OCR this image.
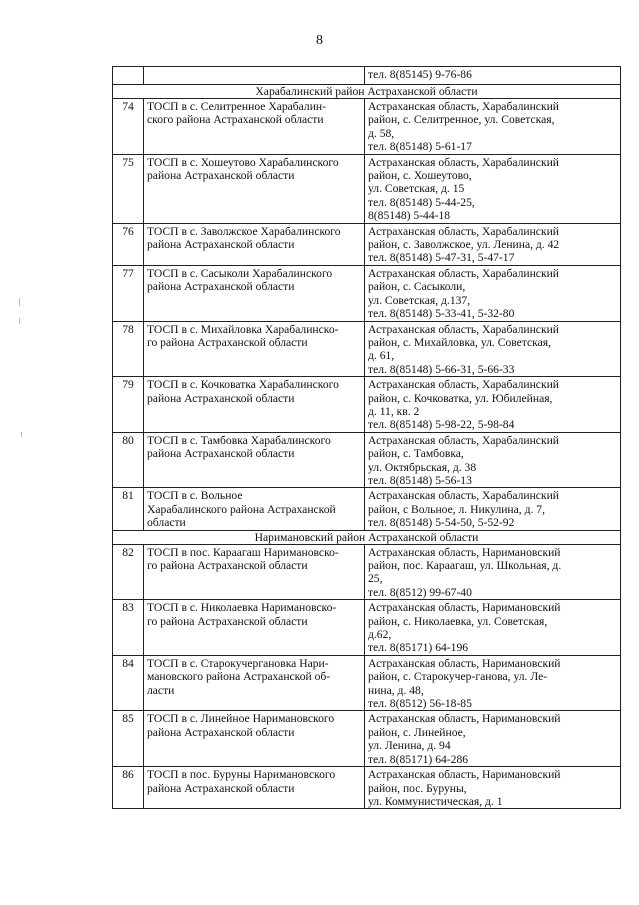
8

		тел. 8(85145) 9-76-86

Харабалинский район Астраханской области		
74	ТОСП в с. Селитренное Харабалин-
ского района Астраханской области	Астраханская область, Харабалинский
район, с. Селитренное, ул. Советская,
д. 58,
тел. 8(85148) 5-61-17

75	ТОСП в с. Хошеутово Харабалинского
района Астраханской области	Астраханская область, Харабалинский
район, с. Хошеутово,
ул. Советская, д. 15
тел. 8(85148) 5-44-25,
8(85148) 5-44-18

76	ТОСП в с. Заволжское Харабалинского
района Астраханской области	Астраханская область, Харабалинский
район, с. Заволжское, ул. Ленина, д. 42
тел. 8(85148) 5-47-31, 5-47-17

77	ТОСП в с. Сасыколи Харабалинского
района Астраханской области	Астраханская область, Харабалинский
район, с. Сасыколи,
ул. Советская, д.137,
тел. 8(85148) 5-33-41, 5-32-80

78	ТОСП в с. Михайловка Харабалинско-
го района Астраханской области	Астраханская область, Харабалинский
район, с. Михайловка, ул. Советская,
д. 61,
тел. 8(85148) 5-66-31, 5-66-33

79	ТОСП в с. Кочковатка Харабалинского
района Астраханской области	Астраханская область, Харабалинский
район, с. Кочковатка, ул. Юбилейная,
д. 11, кв. 2
тел. 8(85148) 5-98-22, 5-98-84

80	ТОСП в с. Тамбовка Харабалинского
района Астраханской области	Астраханская область, Харабалинский
район, с. Тамбовка,
ул. Октябрьская, д. 38
тел. 8(85148) 5-56-13

81	ТОСП в с. Вольное
Харабалинского района Астраханской
области	Астраханская область, Харабалинский
район, с Вольное, л. Никулина, д. 7,
тел. 8(85148) 5-54-50, 5-52-92

Наримановский район Астраханской области		
82	ТОСП в пос. Караагаш Наримановско-
го района Астраханской области	Астраханская область, Наримановский
район, пос. Караагаш, ул. Школьная, д.
25,
тел. 8(8512) 99-67-40

83	ТОСП в с. Николаевка Наримановско-
го района Астраханской области	Астраханская область, Наримановский
район, с. Николаевка, ул. Советская,
д.62,
тел. 8(85171) 64-196

84	ТОСП в с. Старокучергановка Нари-
мановского района Астраханской об-
ласти	Астраханская область, Наримановский
район, с. Старокучер-ганова, ул. Ле-
нина, д. 48,
тел. 8(8512) 56-18-85

85	ТОСП в с. Линейное Наримановского
района Астраханской области	Астраханская область, Наримановский
район, с. Линейное,
ул. Ленина, д. 94
тел. 8(85171) 64-286

86	ТОСП в пос. Буруны Наримановского
района Астраханской области	Астраханская область, Наримановский
район, пос. Буруны,
ул. Коммунистическая, д. 1
